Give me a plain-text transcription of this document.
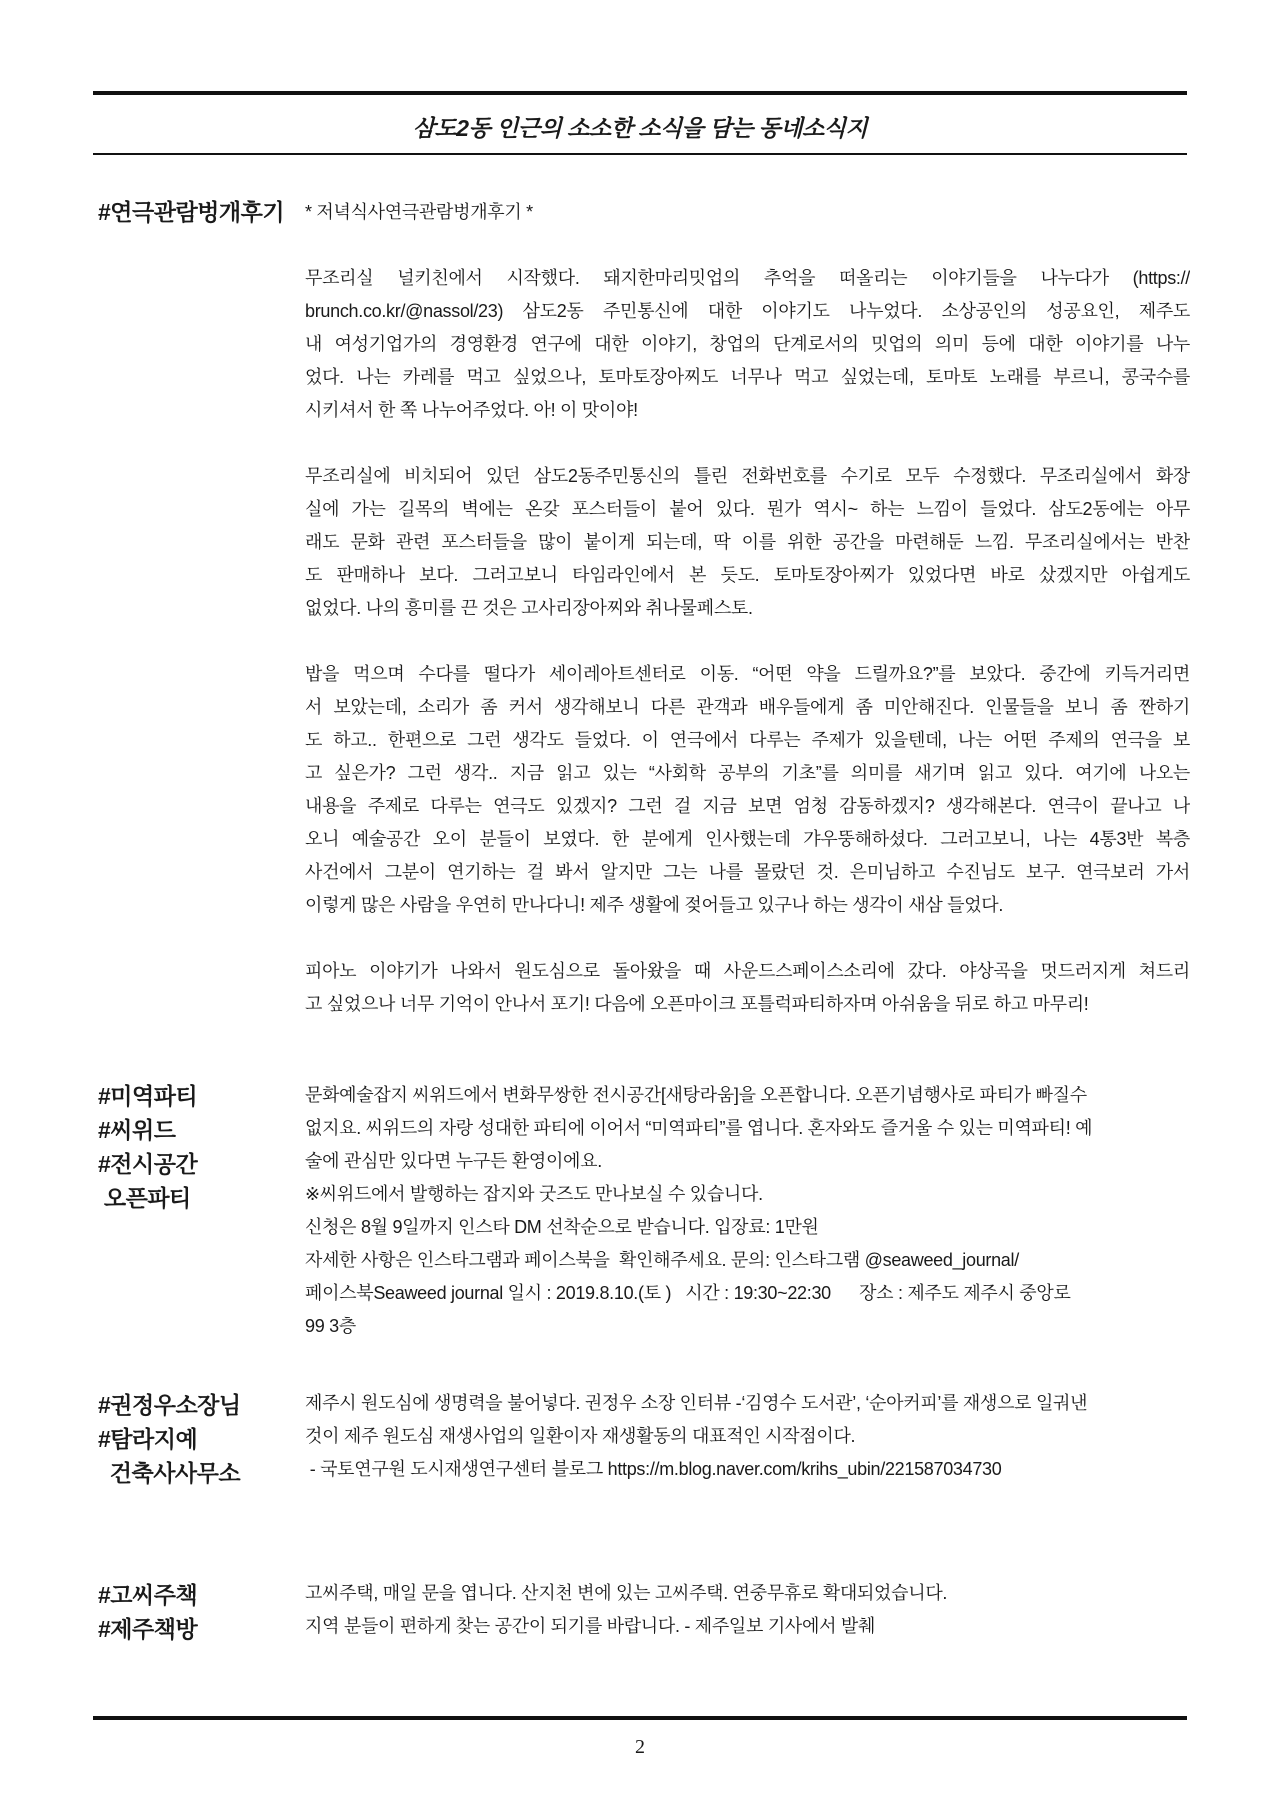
삼도2동 인근의 소소한 소식을 담는 동네소식지
#연극관람벙개후기 * 저녁식사연극관람벙개후기 *
무조리실 널키친에서 시작했다. 돼지한마리밋업의 추억을 떠올리는 이야기들을 나누다가 (https://
brunch.co.kr/@nassol/23) 삼도2동 주민통신에 대한 이야기도 나누었다. 소상공인의 성공요인, 제주도
내 여성기업가의 경영환경 연구에 대한 이야기, 창업의 단계로서의 밋업의 의미 등에 대한 이야기를 나누
었다. 나는 카레를 먹고 싶었으나, 토마토장아찌도 너무나 먹고 싶었는데, 토마토 노래를 부르니, 콩국수를
시키셔서 한 쪽 나누어주었다. 아! 이 맛이야!
무조리실에 비치되어 있던 삼도2동주민통신의 틀린 전화번호를 수기로 모두 수정했다. 무조리실에서 화장
실에 가는 길목의 벽에는 온갖 포스터들이 붙어 있다. 뭔가 역시~ 하는 느낌이 들었다. 삼도2동에는 아무
래도 문화 관련 포스터들을 많이 붙이게 되는데, 딱 이를 위한 공간을 마련해둔 느낌. 무조리실에서는 반찬
도 판매하나 보다. 그러고보니 타임라인에서 본 듯도. 토마토장아찌가 있었다면 바로 샀겠지만 아쉽게도
없었다. 나의 흥미를 끈 것은 고사리장아찌와 취나물페스토.
밥을 먹으며 수다를 떨다가 세이레아트센터로 이동. “어떤 약을 드릴까요?”를 보았다. 중간에 키득거리면
서 보았는데, 소리가 좀 커서 생각해보니 다른 관객과 배우들에게 좀 미안해진다. 인물들을 보니 좀 짠하기
도 하고.. 한편으로 그런 생각도 들었다. 이 연극에서 다루는 주제가 있을텐데, 나는 어떤 주제의 연극을 보
고 싶은가? 그런 생각.. 지금 읽고 있는 “사회학 공부의 기초”를 의미를 새기며 읽고 있다. 여기에 나오는
내용을 주제로 다루는 연극도 있겠지? 그런 걸 지금 보면 엄청 감동하겠지? 생각해본다. 연극이 끝나고 나
오니 예술공간 오이 분들이 보였다. 한 분에게 인사했는데 갸우뚱해하셨다. 그러고보니, 나는 4통3반 복층
사건에서 그분이 연기하는 걸 봐서 알지만 그는 나를 몰랐던 것. 은미님하고 수진님도 보구. 연극보러 가서
이렇게 많은 사람을 우연히 만나다니! 제주 생활에 젖어들고 있구나 하는 생각이 새삼 들었다.
피아노 이야기가 나와서 원도심으로 돌아왔을 때 사운드스페이스소리에 갔다. 야상곡을 멋드러지게 쳐드리
고 싶었으나 너무 기억이 안나서 포기! 다음에 오픈마이크 포틀럭파티하자며 아쉬움을 뒤로 하고 마무리!
#미역파티
#씨위드
#전시공간
오픈파티
문화예술잡지 씨위드에서 변화무쌍한 전시공간[새탕라움]을 오픈합니다. 오픈기념행사로 파티가 빠질수
없지요. 씨위드의 자랑 성대한 파티에 이어서 “미역파티”를 엽니다. 혼자와도 즐거울 수 있는 미역파티! 예
술에 관심만 있다면 누구든 환영이에요.
※씨위드에서 발행하는 잡지와 굿즈도 만나보실 수 있습니다.
신청은 8월 9일까지 인스타 DM 선착순으로 받습니다. 입장료: 1만원
자세한 사항은 인스타그램과 페이스북을  확인해주세요. 문의: 인스타그램 @seaweed_journal/
페이스북Seaweed journal 일시 : 2019.8.10.(토 )   시간 : 19:30~22:30      장소 : 제주도 제주시 중앙로
99 3층
#권정우소장님
#탐라지예
건축사사무소
제주시 원도심에 생명력을 불어넣다. 권정우 소장 인터뷰 -‘김영수 도서관’, ‘순아커피’를 재생으로 일궈낸
것이 제주 원도심 재생사업의 일환이자 재생활동의 대표적인 시작점이다.
- 국토연구원 도시재생연구센터 블로그 https://m.blog.naver.com/krihs_ubin/221587034730
#고씨주책
#제주책방
고씨주택, 매일 문을 엽니다. 산지천 변에 있는 고씨주택. 연중무휴로 확대되었습니다.
지역 분들이 편하게 찾는 공간이 되기를 바랍니다. - 제주일보 기사에서 발췌
2
